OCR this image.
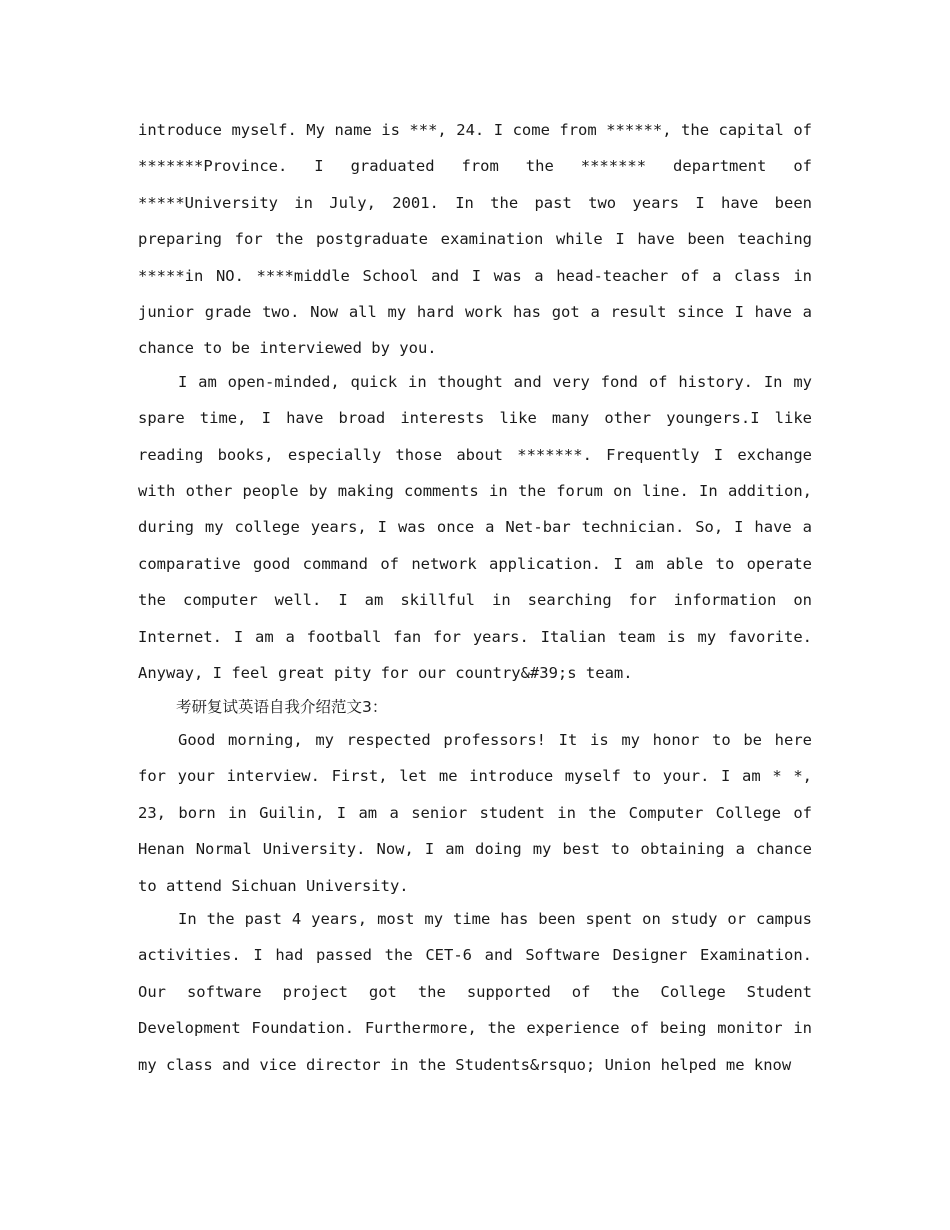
introduce myself. My name is ***, 24. I come from ******, the capital of *******Province. I graduated from the ******* department of *****University in July, 2001. In the past two years I have been preparing for the postgraduate examination while I have been teaching *****in NO. ****middle School and I was a head-teacher of a class in junior grade two. Now all my hard work has got a result since I have a chance to be interviewed by you.

I am open-minded, quick in thought and very fond of history. In my spare time, I have broad interests like many other youngers.I like reading books, especially those about *******. Frequently I exchange with other people by making comments in the forum on line. In addition, during my college years, I was once a Net-bar technician. So, I have a comparative good command of network application. I am able to operate the computer well. I am skillful in searching for information on Internet. I am a football fan for years. Italian team is my favorite. Anyway, I feel great pity for our country&#39;s team.

考研复试英语自我介绍范文3：

Good morning, my respected professors! It is my honor to be here for your interview. First, let me introduce myself to your. I am * *, 23, born in Guilin, I am a senior student in the Computer College of Henan Normal University. Now, I am doing my best to obtaining a chance to attend Sichuan University.

In the past 4 years, most my time has been spent on study or campus activities. I had passed the CET-6 and Software Designer Examination. Our software project got the supported of the College Student Development Foundation. Furthermore, the experience of being monitor in my class and vice director in the Students&rsquo; Union helped me know
